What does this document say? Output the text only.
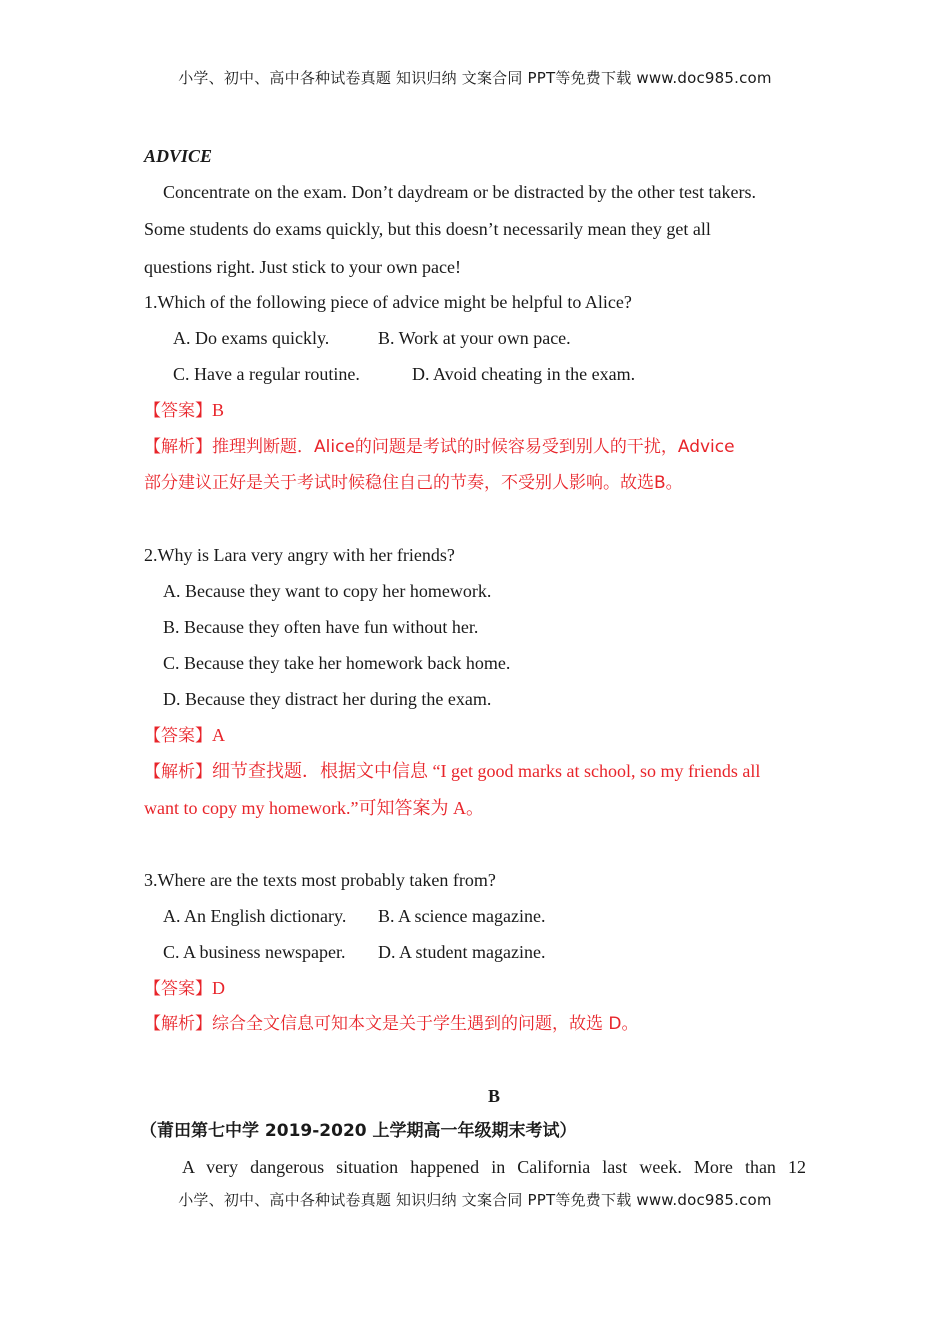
小学、初中、高中各种试卷真题 知识归纳 文案合同 PPT等免费下载 www.doc985.com
ADVICE
Concentrate on the exam. Don’t daydream or be distracted by the other test takers.
Some students do exams quickly, but this doesn’t necessarily mean they get all
questions right. Just stick to your own pace!
1.Which of the following piece of advice might be helpful to Alice?
A. Do exams quickly.	B. Work at your own pace.
C. Have a regular routine.	D. Avoid cheating in the exam.
【答案】B
【解析】推理判断题．Alice的问题是考试的时候容易受到别人的干扰，Advice
部分建议正好是关于考试时候稳住自己的节奏，不受别人影响。故选B。
2.Why is Lara very angry with her friends?
A. Because they want to copy her homework.
B. Because they often have fun without her.
C. Because they take her homework back home.
D. Because they distract her during the exam.
【答案】A
【解析】细节查找题．根据文中信息 “I get good marks at school, so my friends all
want to copy my homework.”可知答案为 A。
3.Where are the texts most probably taken from?
A. An English dictionary. B. A science magazine.
C. A business newspaper. D. A student magazine.
【答案】D
【解析】综合全文信息可知本文是关于学生遇到的问题，故选 D。
B
（莆田第七中学 2019-2020 上学期高一年级期末考试）
A very dangerous situation happened in California last week. More than 12
小学、初中、高中各种试卷真题 知识归纳 文案合同 PPT等免费下载 www.doc985.com
